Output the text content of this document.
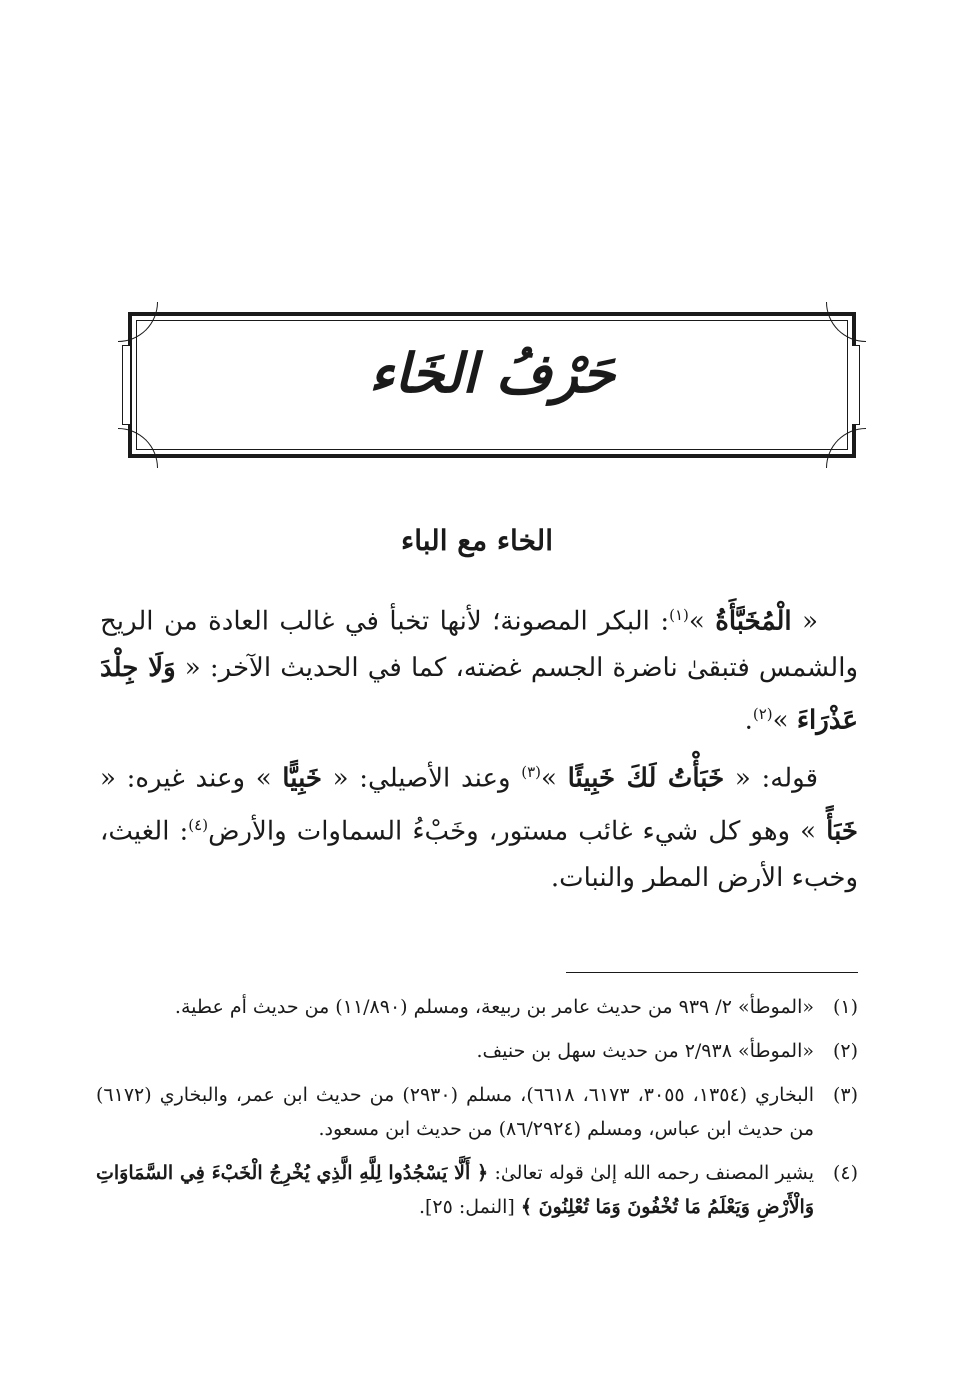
حَرْفُ الخَاء
الخاء مع الباء

« الْمُخَبَّأَةُ »$^{(١)}$: البكر المصونة؛ لأنها تخبأ في غالب العادة من الريح والشمس فتبقىٰ ناضرة الجسم غضته، كما في الحديث الآخر: « وَلَا جِلْدَ عَذْرَاءَ »$^{(٢)}$.

قوله: « خَبَأْتُ لَكَ خَبِيئًا »$^{(٣)}$ وعند الأصيلي: « خَبِيًّا » وعند غيره: « خَبَأً » وهو كل شيء غائب مستور، وخَبْءُ السماوات والأرض$^{(٤)}$: الغيث، وخبء الأرض المطر والنبات.

(١)
«الموطأ» ٢/ ٩٣٩ من حديث عامر بن ربيعة، ومسلم (١١/٨٩٠) من حديث أم عطية.
(٢)
«الموطأ» ٢/٩٣٨ من حديث سهل بن حنيف.
(٣)
البخاري (١٣٥٤، ٣٠٥٥، ٦١٧٣، ٦٦١٨)، مسلم (٢٩٣٠) من حديث ابن عمر، والبخاري (٦١٧٢) من حديث ابن عباس، ومسلم (٨٦/٢٩٢٤) من حديث ابن مسعود.
(٤)
يشير المصنف رحمه الله إلىٰ قوله تعالىٰ: ﴿ أَلَّا يَسْجُدُوا لِلَّهِ الَّذِي يُخْرِجُ الْخَبْءَ فِي السَّمَاوَاتِ وَالْأَرْضِ وَيَعْلَمُ مَا تُخْفُونَ وَمَا تُعْلِنُونَ ﴾ [النمل: ٢٥].
